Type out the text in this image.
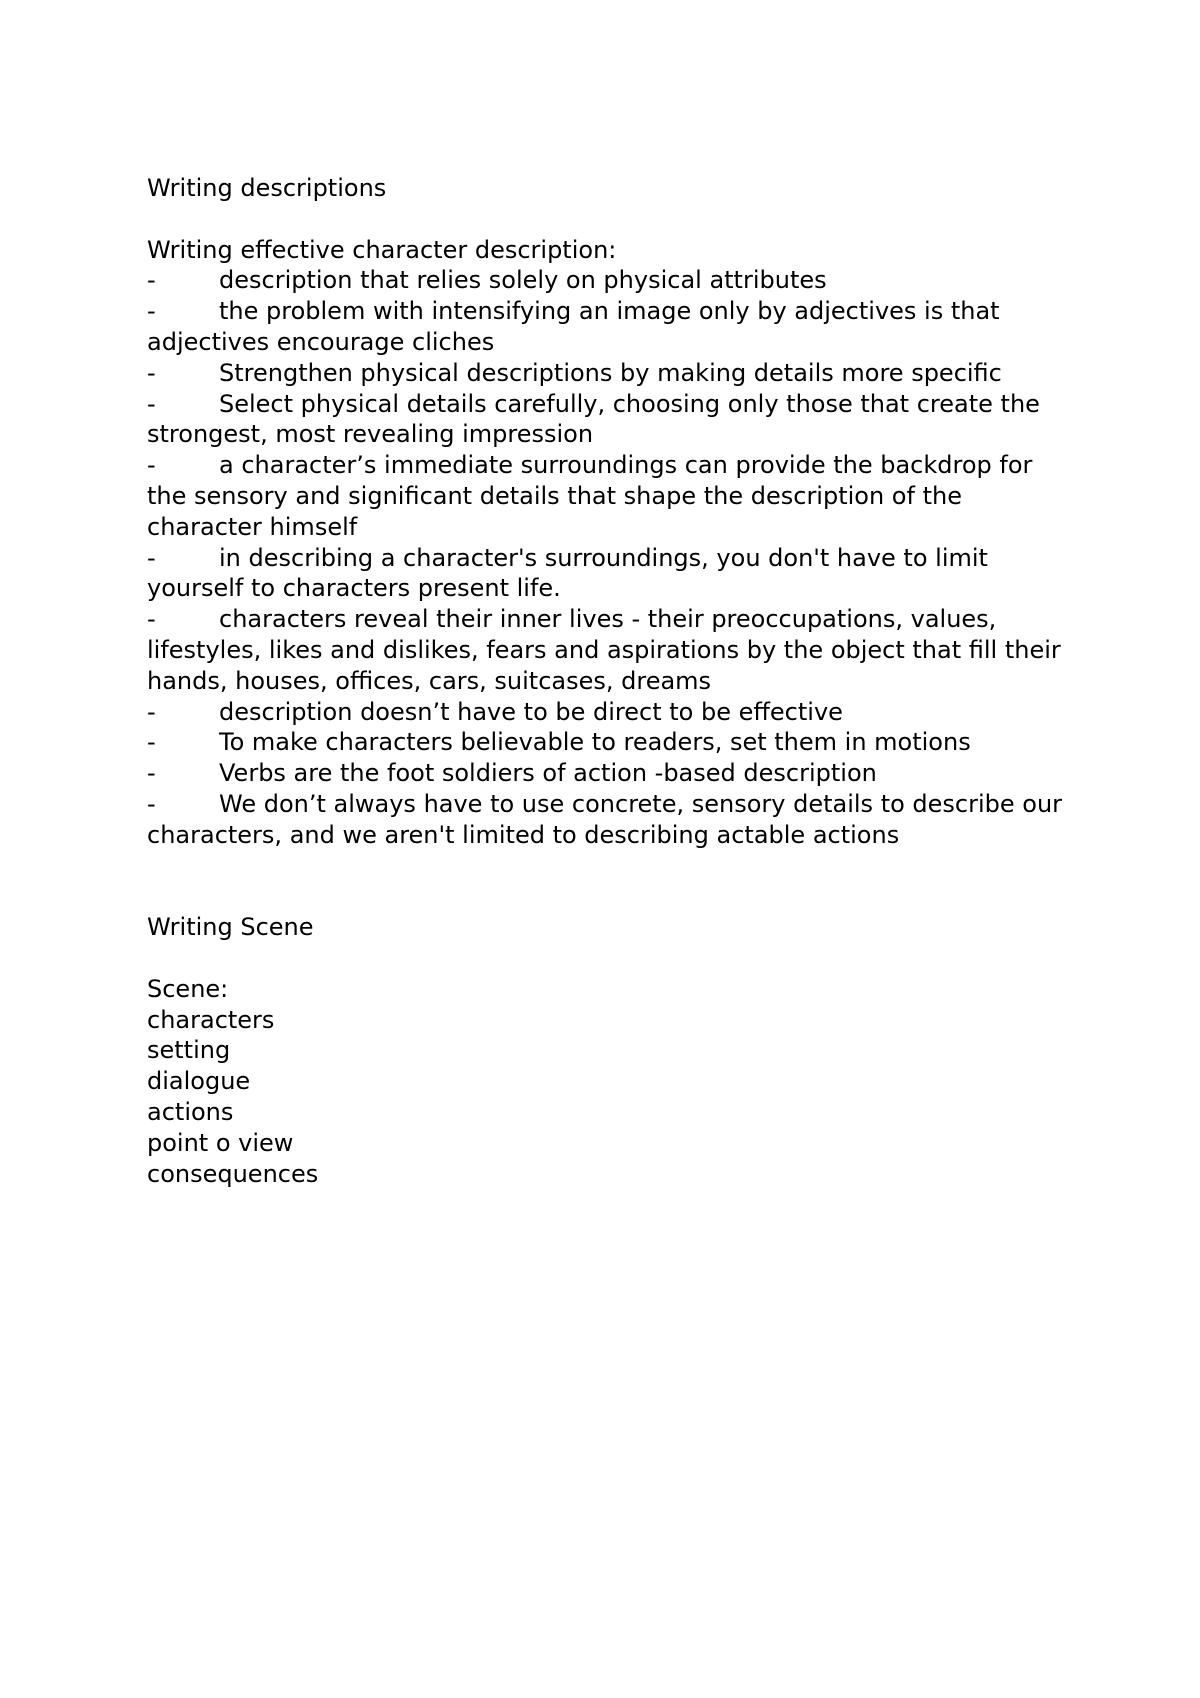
Writing descriptions

Writing effective character description:

-	description that relies solely on physical attributes
-	the problem with intensifying an image only by adjectives is that adjectives encourage cliches
-	Strengthen physical descriptions by making details more specific
-	Select physical details carefully, choosing only those that create the strongest, most revealing impression
-	a character’s immediate surroundings can provide the backdrop for the sensory and significant details that shape the description of the character himself
-	in describing a character's surroundings, you don't have to limit yourself to characters present life.
-	characters reveal their inner lives - their preoccupations, values, lifestyles, likes and dislikes, fears and aspirations by the object that fill their hands, houses, offices, cars, suitcases, dreams
-	description doesn’t have to be direct to be effective
-	To make characters believable to readers, set them in motions
-	Verbs are the foot soldiers of action -based description
-	We don’t always have to use concrete, sensory details to describe our characters, and we aren't limited to describing actable actions

Writing Scene

Scene:

characters
setting
dialogue
actions
point o view
consequences
